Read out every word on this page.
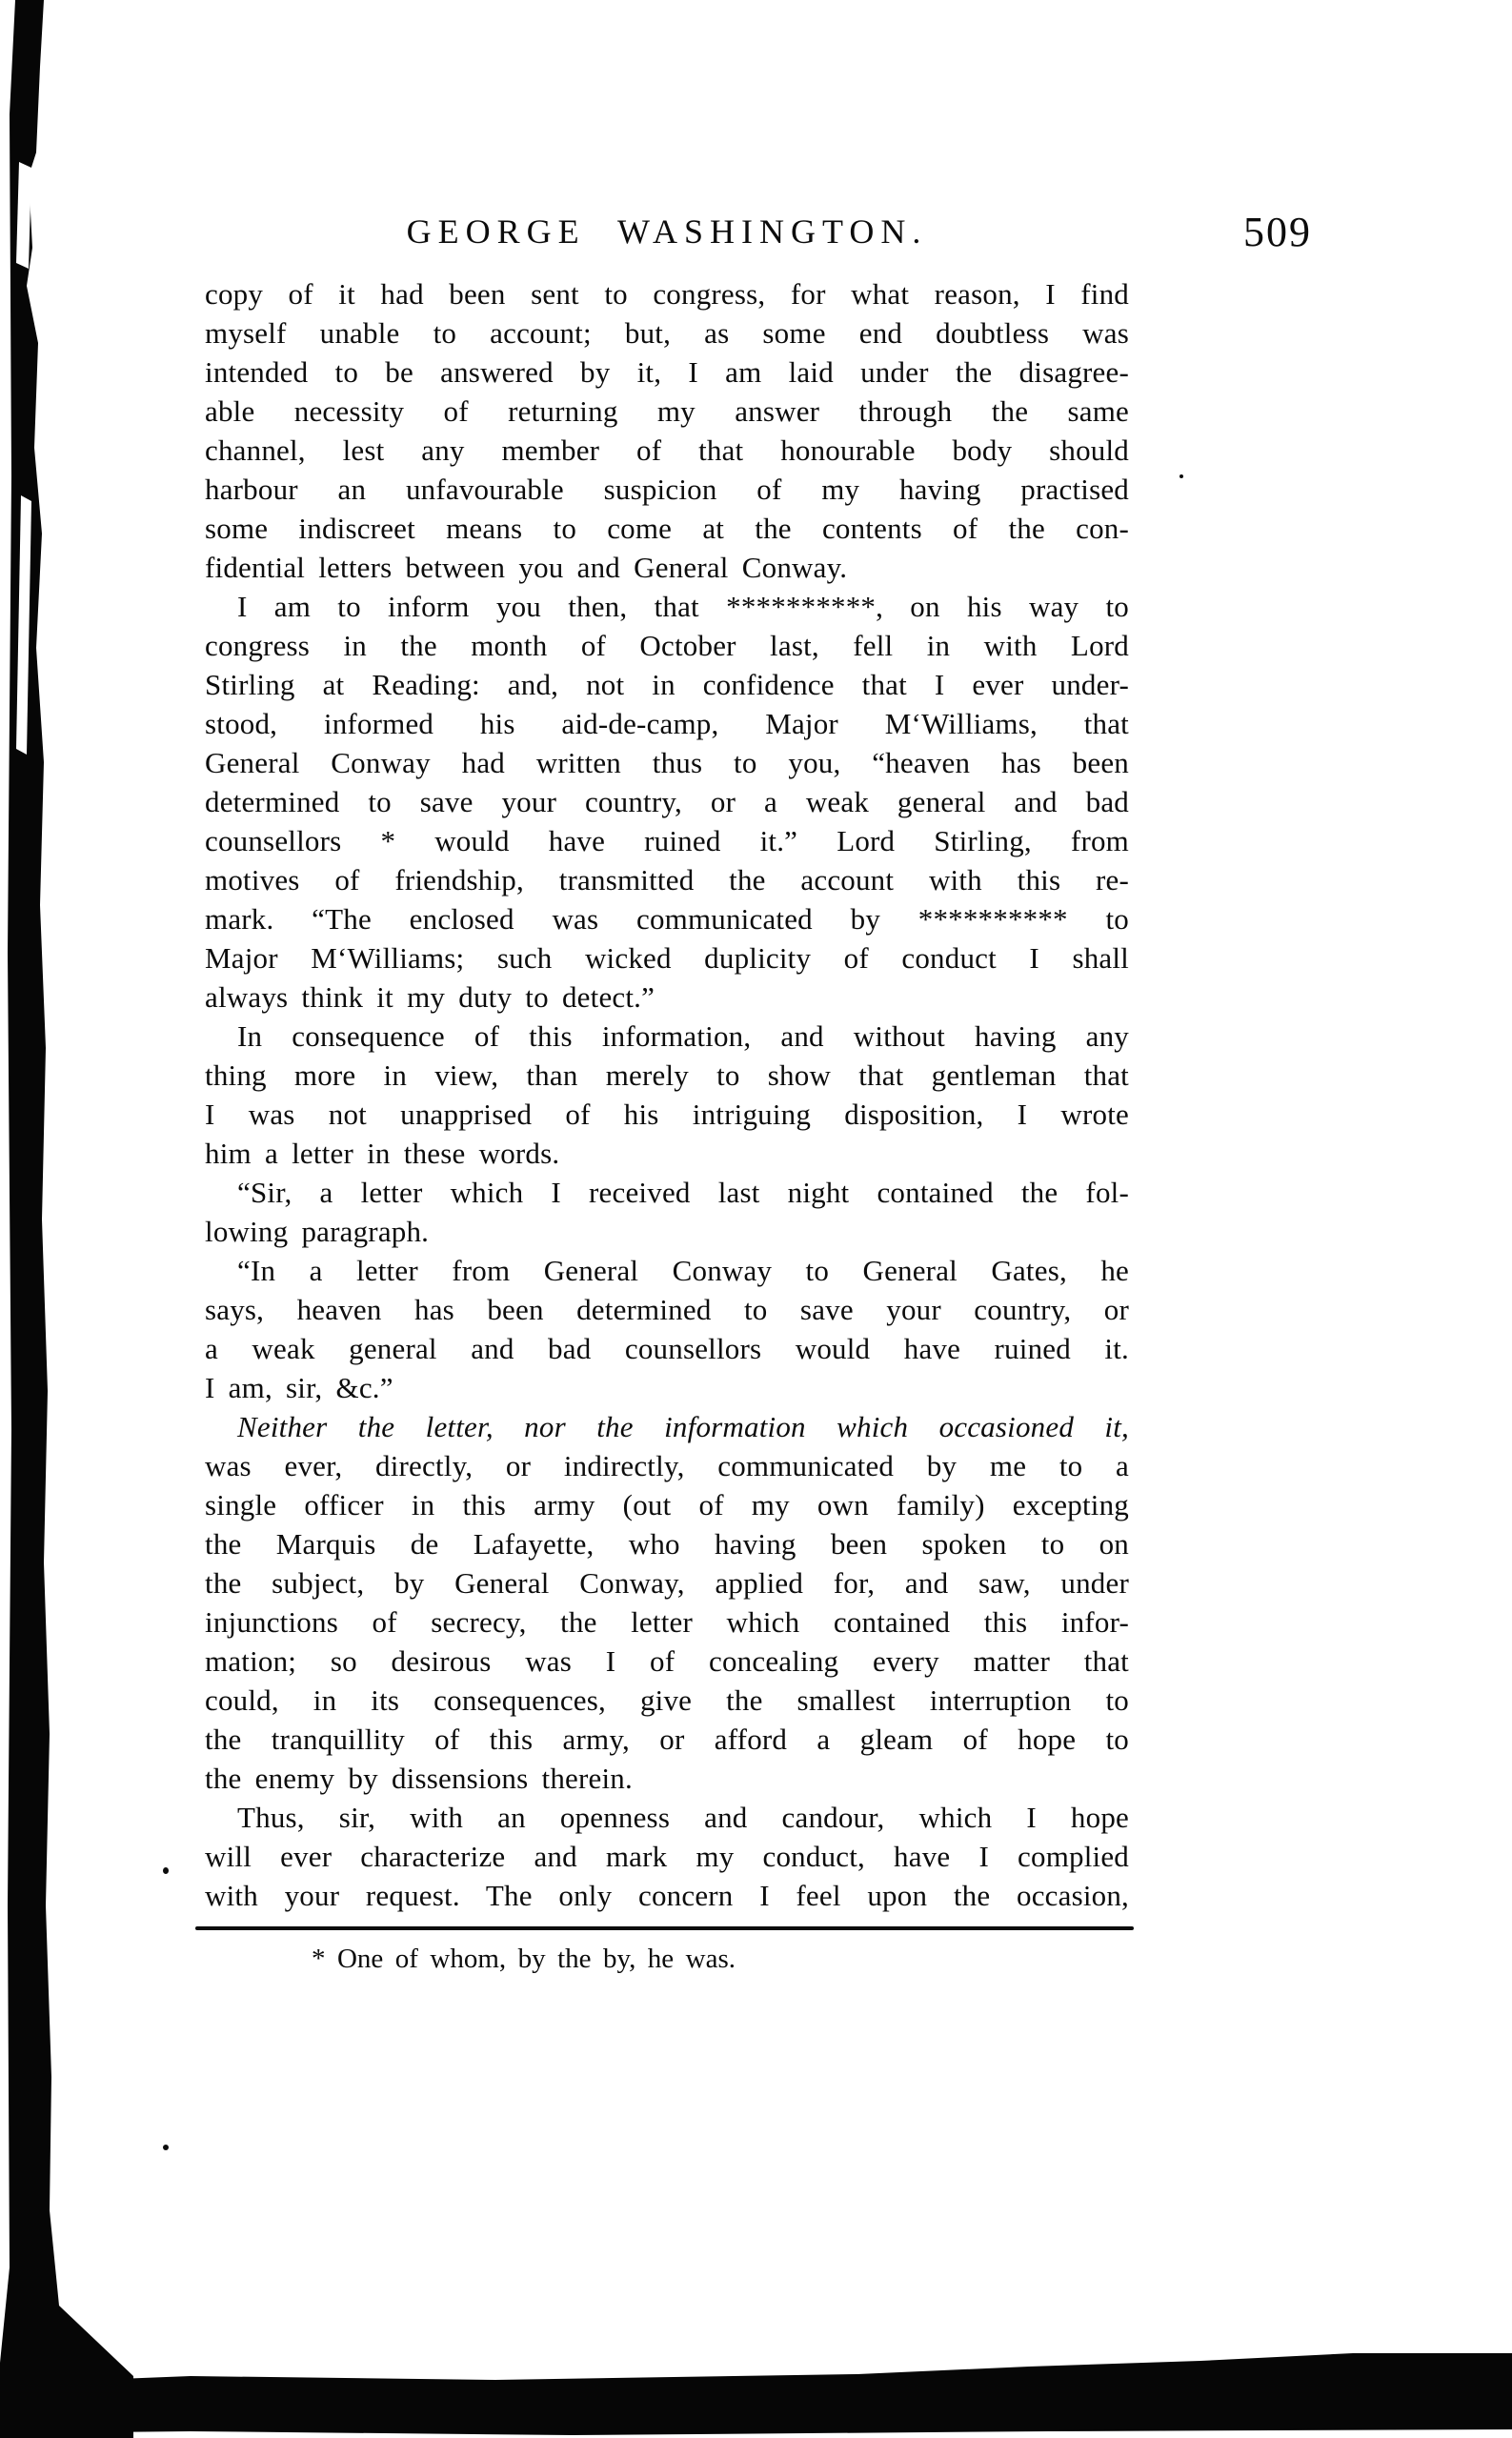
GEORGE WASHINGTON.	509
copy of it had been sent to congress, for what reason, I find
myself unable to account; but, as some end doubtless was
intended to be answered by it, I am laid under the disagree-
able necessity of returning my answer through the same
channel, lest any member of that honourable body should
harbour an unfavourable suspicion of my having practised
some indiscreet means to come at the contents of the con-
fidential letters between you and General Conway.
I am to inform you then, that **********, on his way to
congress in the month of October last, fell in with Lord
Stirling at Reading: and, not in confidence that I ever under-
stood, informed his aid-de-camp, Major M‘Williams, that
General Conway had written thus to you, “heaven has been
determined to save your country, or a weak general and bad
counsellors * would have ruined it.” Lord Stirling, from
motives of friendship, transmitted the account with this re-
mark. “The enclosed was communicated by ********** to
Major M‘Williams; such wicked duplicity of conduct I shall
always think it my duty to detect.”
In consequence of this information, and without having any
thing more in view, than merely to show that gentleman that
I was not unapprised of his intriguing disposition, I wrote
him a letter in these words.
“Sir, a letter which I received last night contained the fol-
lowing paragraph.
“In a letter from General Conway to General Gates, he
says, heaven has been determined to save your country, or
a weak general and bad counsellors would have ruined it.
I am, sir, &c.”
Neither the letter, nor the information which occasioned it,
was ever, directly, or indirectly, communicated by me to a
single officer in this army (out of my own family) excepting
the Marquis de Lafayette, who having been spoken to on
the subject, by General Conway, applied for, and saw, under
injunctions of secrecy, the letter which contained this infor-
mation; so desirous was I of concealing every matter that
could, in its consequences, give the smallest interruption to
the tranquillity of this army, or afford a gleam of hope to
the enemy by dissensions therein.
Thus, sir, with an openness and candour, which I hope
will ever characterize and mark my conduct, have I complied
with your request. The only concern I feel upon the occasion,
* One of whom, by the by, he was.
